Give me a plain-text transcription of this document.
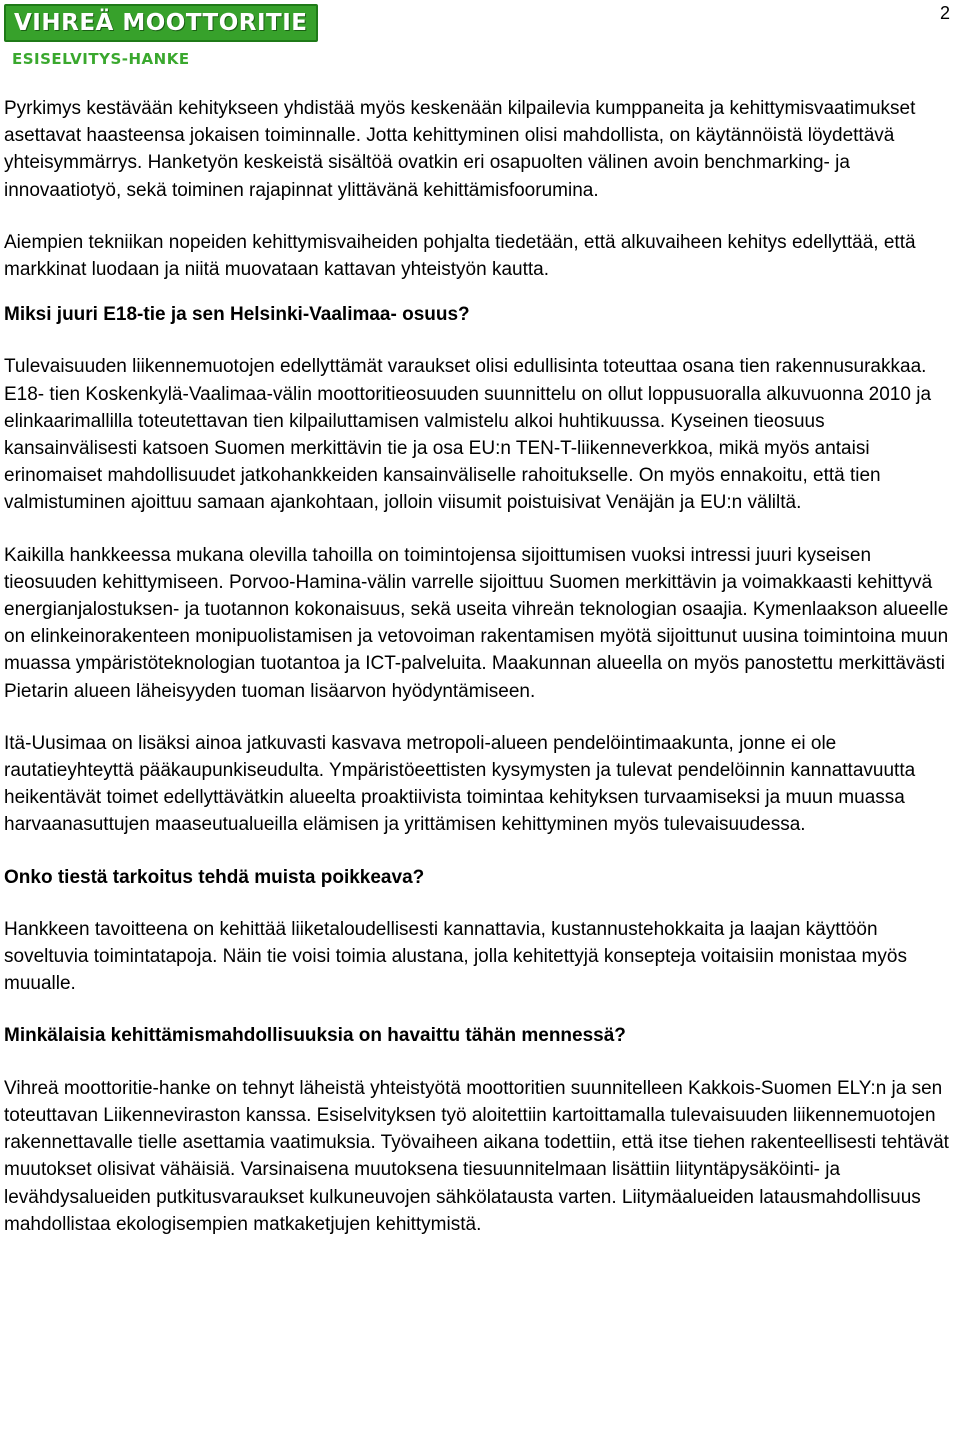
VIHREÄ MOOTTORITIE
ESISELVITYS-HANKE
2

Pyrkimys kestävään kehitykseen yhdistää myös keskenään kilpailevia kumppaneita ja kehittymisvaatimukset asettavat haasteensa jokaisen toiminnalle. Jotta kehittyminen olisi mahdollista, on käytännöistä löydettävä yhteisymmärrys. Hanketyön keskeistä sisältöä ovatkin eri osapuolten välinen avoin benchmarking- ja innovaatiotyö, sekä toiminen rajapinnat ylittävänä kehittämisfoorumina.

Aiempien tekniikan nopeiden kehittymisvaiheiden pohjalta tiedetään, että alkuvaiheen kehitys edellyttää, että markkinat luodaan ja niitä muovataan kattavan yhteistyön kautta.

Miksi juuri E18-tie ja sen Helsinki-Vaalimaa- osuus?

Tulevaisuuden liikennemuotojen edellyttämät varaukset olisi edullisinta toteuttaa osana tien rakennusurakkaa. E18- tien Koskenkylä-Vaalimaa-välin moottoritieosuuden suunnittelu on ollut loppusuoralla alkuvuonna 2010 ja elinkaarimallilla toteutettavan tien kilpailuttamisen valmistelu alkoi huhtikuussa. Kyseinen tieosuus kansainvälisesti katsoen Suomen merkittävin tie ja osa EU:n TEN-T-liikenneverkkoa, mikä myös antaisi erinomaiset mahdollisuudet jatkohankkeiden kansainväliselle rahoitukselle. On myös ennakoitu, että tien valmistuminen ajoittuu samaan ajankohtaan, jolloin viisumit poistuisivat Venäjän ja EU:n väliltä.

Kaikilla hankkeessa mukana olevilla tahoilla on toimintojensa sijoittumisen vuoksi intressi juuri kyseisen tieosuuden kehittymiseen. Porvoo-Hamina-välin varrelle sijoittuu Suomen merkittävin ja voimakkaasti kehittyvä energianjalostuksen- ja tuotannon kokonaisuus, sekä useita vihreän teknologian osaajia. Kymenlaakson alueelle on elinkeinorakenteen monipuolistamisen ja vetovoiman rakentamisen myötä sijoittunut uusina toimintoina muun muassa ympäristöteknologian tuotantoa ja ICT-palveluita. Maakunnan alueella on myös panostettu merkittävästi Pietarin alueen läheisyyden tuoman lisäarvon hyödyntämiseen.

Itä-Uusimaa on lisäksi ainoa jatkuvasti kasvava metropoli-alueen pendelöintimaakunta, jonne ei ole rautatieyhteyttä pääkaupunkiseudulta. Ympäristöeettisten kysymysten ja tulevat pendelöinnin kannattavuutta heikentävät toimet edellyttävätkin alueelta proaktiivista toimintaa kehityksen turvaamiseksi ja muun muassa harvaanasuttujen maaseutualueilla elämisen ja yrittämisen kehittyminen myös tulevaisuudessa.

Onko tiestä tarkoitus tehdä muista poikkeava?

Hankkeen tavoitteena on kehittää liiketaloudellisesti kannattavia, kustannustehokkaita ja laajan käyttöön soveltuvia toimintatapoja. Näin tie voisi toimia alustana, jolla kehitettyjä konsepteja voitaisiin monistaa myös muualle.

Minkälaisia kehittämismahdollisuuksia on havaittu tähän mennessä?

Vihreä moottoritie-hanke on tehnyt läheistä yhteistyötä moottoritien suunnitelleen Kakkois-Suomen ELY:n ja sen toteuttavan Liikenneviraston kanssa. Esiselvityksen työ aloitettiin kartoittamalla tulevaisuuden liikennemuotojen rakennettavalle tielle asettamia vaatimuksia. Työvaiheen aikana todettiin, että itse tiehen rakenteellisesti tehtävät muutokset olisivat vähäisiä. Varsinaisena muutoksena tiesuunnitelmaan lisättiin liityntäpysäköinti- ja levähdysalueiden putkitusvaraukset kulkuneuvojen sähkölatausta varten. Liitymäalueiden latausmahdollisuus mahdollistaa ekologisempien matkaketjujen kehittymistä.
